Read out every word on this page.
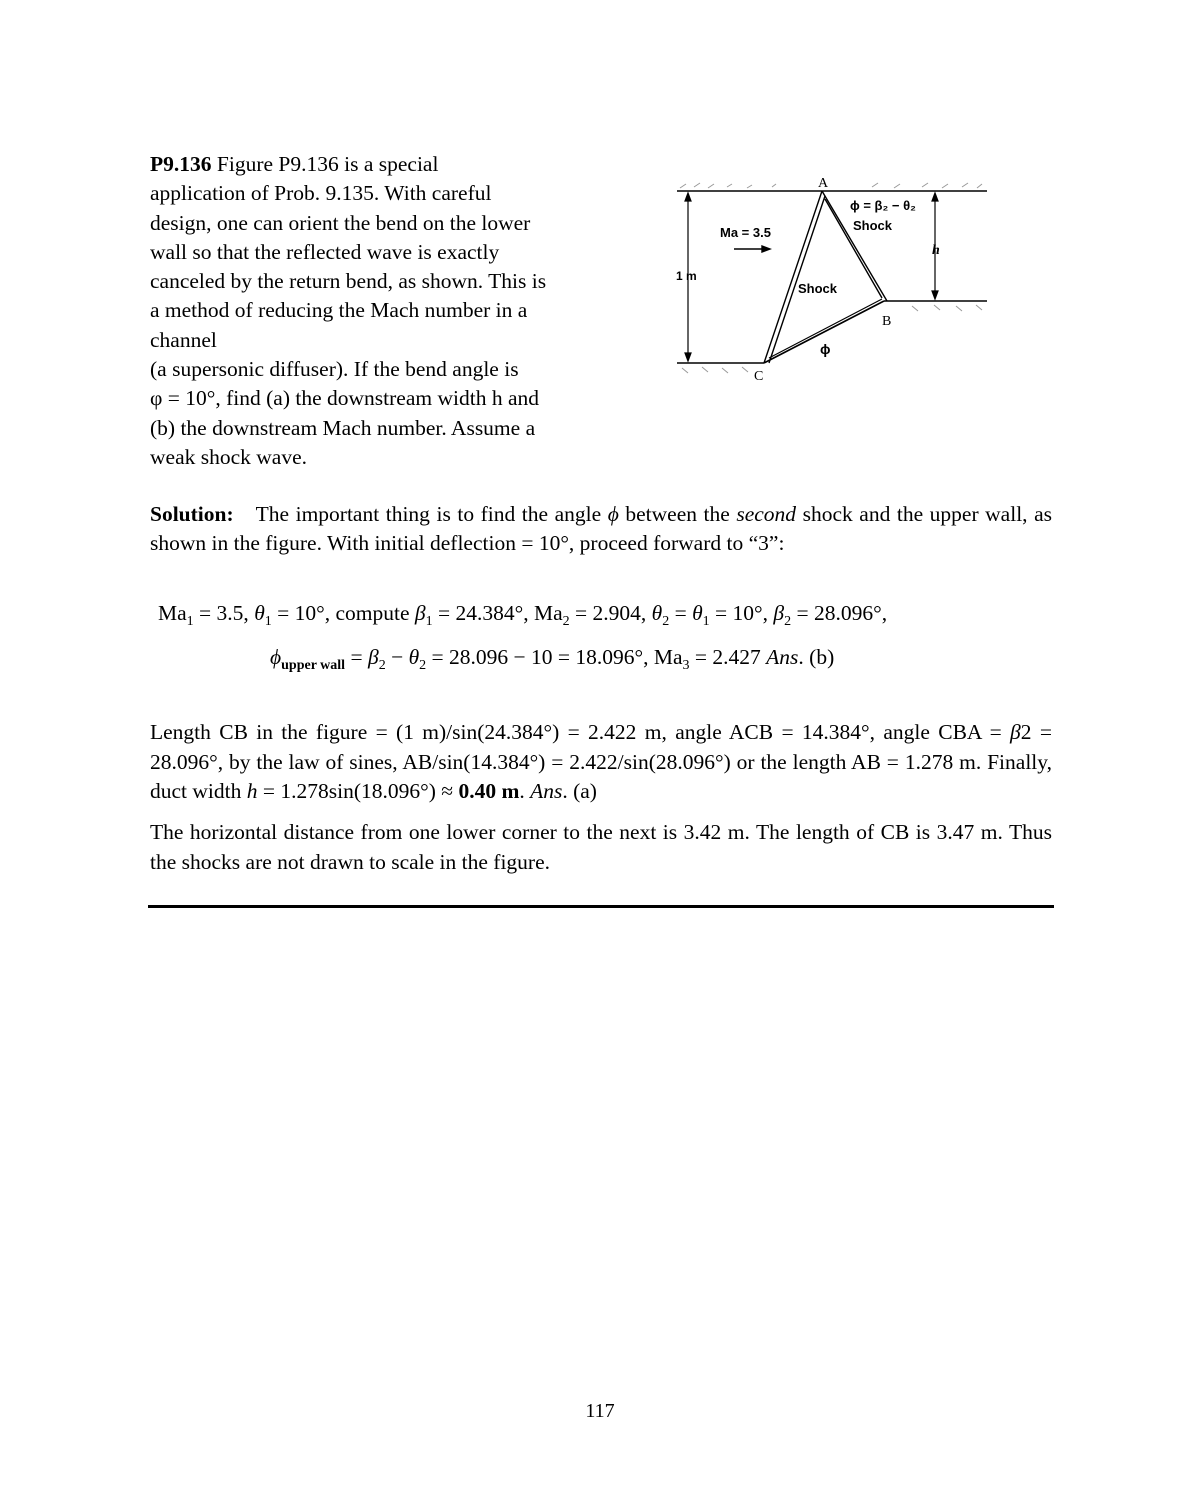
P9.136 Figure P9.136 is a special
application of Prob. 9.135. With careful
design, one can orient the bend on the lower
wall so that the reflected wave is exactly
canceled by the return bend, as shown. This is
a method of reducing the Mach number in a
channel
(a supersonic diffuser). If the bend angle is
φ = 10°, find (a) the downstream width h and
(b) the downstream Mach number. Assume a
weak shock wave.
A
B
C
Ma = 3.5
1 m
h
ϕ = β₂ − θ₂
Shock
Shock
ϕ
Solution: The important thing is to find the angle ϕ between the second shock and the upper wall, as shown in the figure. With initial deflection = 10°, proceed forward to “3”:
$Ma_1 = 3.5$, $\theta_1 = 10^\circ$, compute $\beta_1 = 24.384^\circ$, $Ma_2 = 2.904$, $\theta_2 = \theta_1 = 10^\circ$, $\beta_2 = 28.096^\circ$,
$\phi_{upper wall} = \beta_2 - \theta_2 = 28.096 - 10 = 18.096^\circ$, $Ma_3 = 2.427$ Ans. (b)
Length CB in the figure = (1 m)/sin(24.384°) = 2.422 m, angle ACB = 14.384°, angle CBA = β2 = 28.096°, by the law of sines, AB/sin(14.384°) = 2.422/sin(28.096°) or the length AB = 1.278 m. Finally, duct width h = 1.278sin(18.096°) ≈ 0.40 m. Ans. (a)
The horizontal distance from one lower corner to the next is 3.42 m. The length of CB is 3.47 m. Thus the shocks are not drawn to scale in the figure.
117
